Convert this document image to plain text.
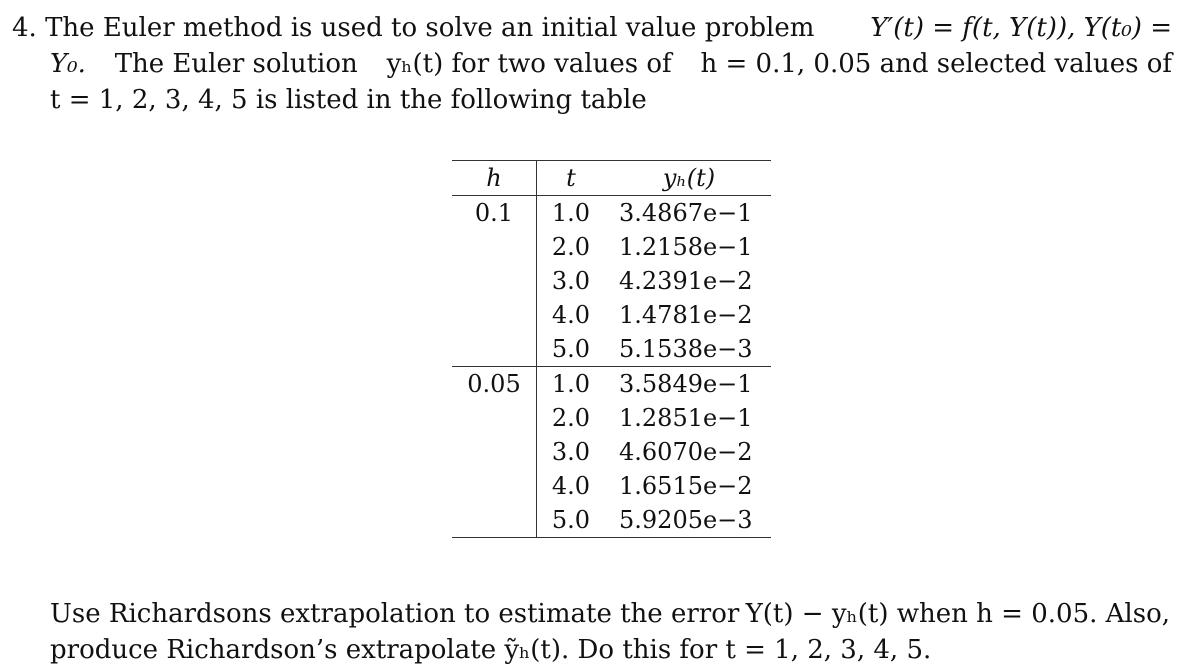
4. The Euler method is used to solve an initial value problem Y′(t) = f(t, Y(t)), Y(t₀) =
Y₀. The Euler solution yₕ(t) for two values of h = 0.1, 0.05 and selected values of
t = 1, 2, 3, 4, 5 is listed in the following table
h	t	yₕ(t)
0.1	1.0	3.4867e−1
	2.0	1.2158e−1
	3.0	4.2391e−2
	4.0	1.4781e−2
	5.0	5.1538e−3
0.05	1.0	3.5849e−1
	2.0	1.2851e−1
	3.0	4.6070e−2
	4.0	1.6515e−2
	5.0	5.9205e−3
Use Richardsons extrapolation to estimate the error Y(t) − yₕ(t) when h = 0.05. Also,
produce Richardson’s extrapolate ỹₕ(t). Do this for t = 1, 2, 3, 4, 5.
